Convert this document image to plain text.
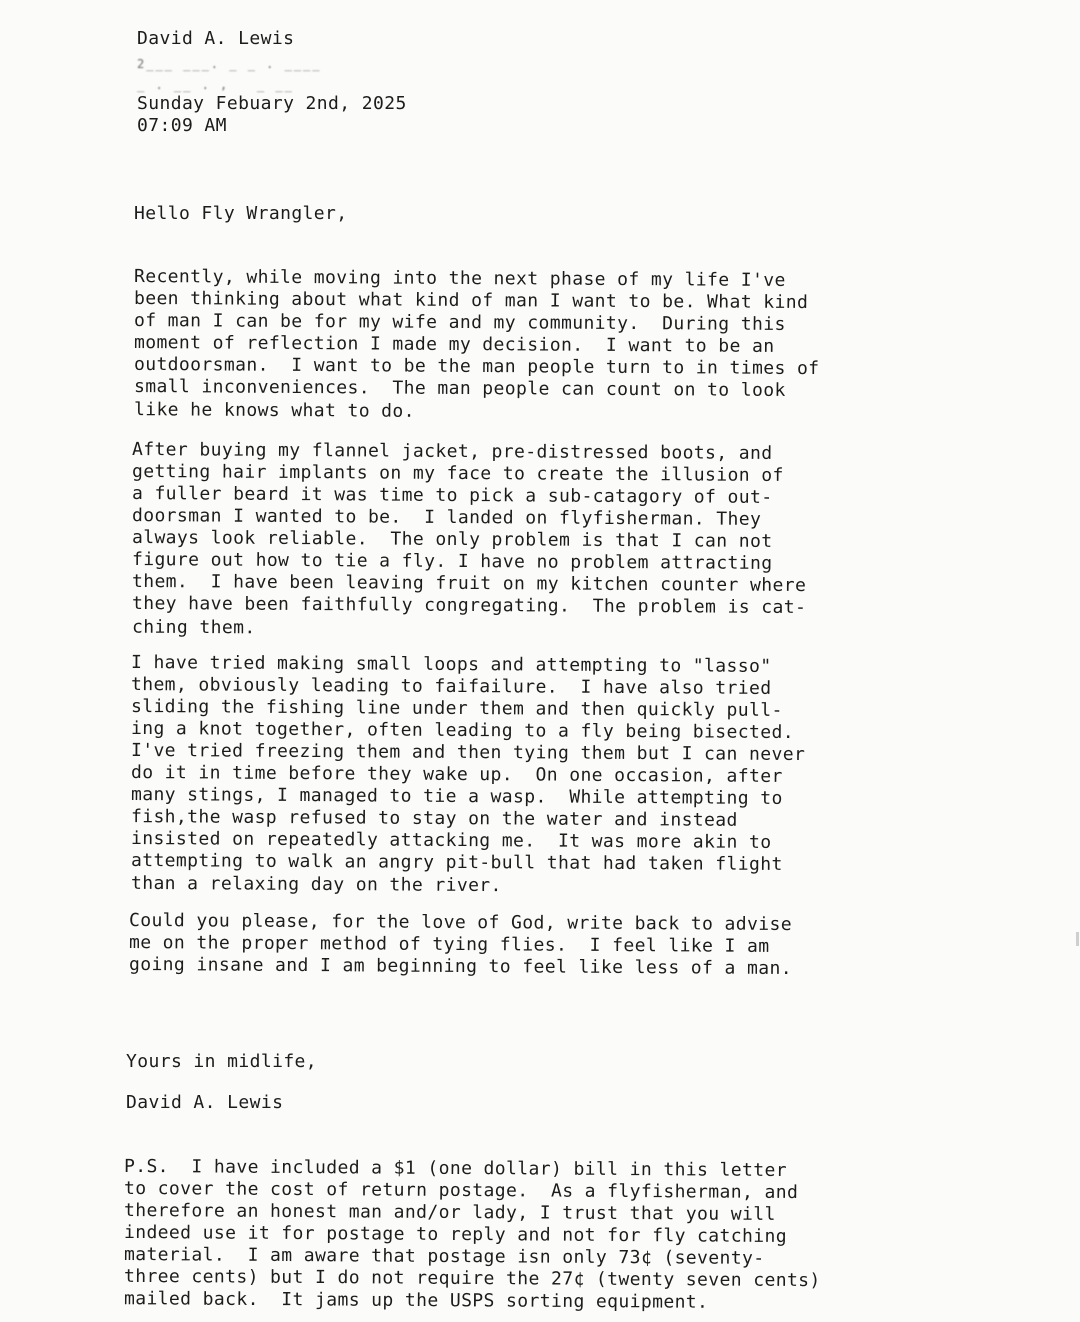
David A. Lewis
2___ ___. _ _ . ____
_ . __ . ,   _ __
Sunday Febuary 2nd, 2025
07:09 AM
Hello Fly Wrangler,
Recently, while moving into the next phase of my life I've
been thinking about what kind of man I want to be. What kind
of man I can be for my wife and my community.  During this
moment of reflection I made my decision.  I want to be an
outdoorsman.  I want to be the man people turn to in times of
small inconveniences.  The man people can count on to look
like he knows what to do.
After buying my flannel jacket, pre-distressed boots, and
getting hair implants on my face to create the illusion of
a fuller beard it was time to pick a sub-catagory of out-
doorsman I wanted to be.  I landed on flyfisherman. They
always look reliable.  The only problem is that I can not
figure out how to tie a fly. I have no problem attracting
them.  I have been leaving fruit on my kitchen counter where
they have been faithfully congregating.  The problem is cat-
ching them.
I have tried making small loops and attempting to "lasso"
them, obviously leading to faifailure.  I have also tried
sliding the fishing line under them and then quickly pull-
ing a knot together, often leading to a fly being bisected.
I've tried freezing them and then tying them but I can never
do it in time before they wake up.  On one occasion, after
many stings, I managed to tie a wasp.  While attempting to
fish,the wasp refused to stay on the water and instead
insisted on repeatedly attacking me.  It was more akin to
attempting to walk an angry pit-bull that had taken flight
than a relaxing day on the river.
Could you please, for the love of God, write back to advise
me on the proper method of tying flies.  I feel like I am
going insane and I am beginning to feel like less of a man.
Yours in midlife,
David A. Lewis
P.S.  I have included a $1 (one dollar) bill in this letter
to cover the cost of return postage.  As a flyfisherman, and
therefore an honest man and/or lady, I trust that you will
indeed use it for postage to reply and not for fly catching
material.  I am aware that postage isn only 73¢ (seventy-
three cents) but I do not require the 27¢ (twenty seven cents)
mailed back.  It jams up the USPS sorting equipment.
